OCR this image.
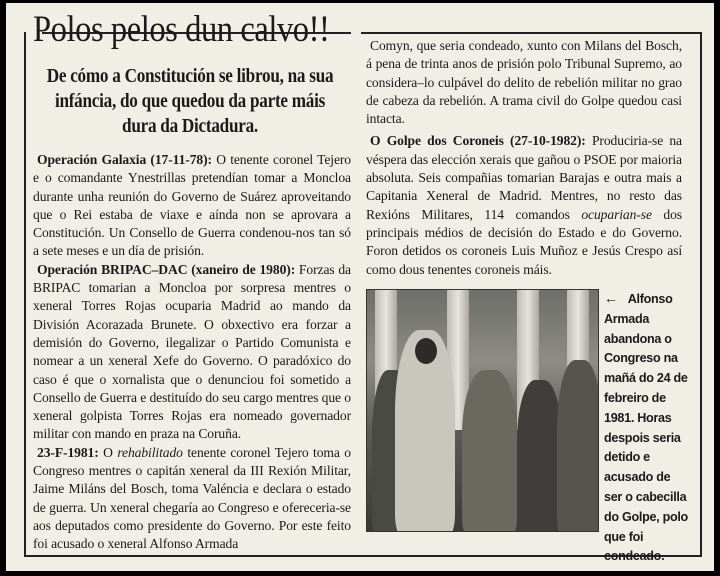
Polos pelos dun calvo!!
De cómo a Constitución se librou, na sua infáncia, do que quedou da parte máis dura da Dictadura.

Operación Galaxia (17-11-78): O tenente coronel Tejero e o comandante Ynestrillas pretendían tomar a Moncloa durante unha reunión do Governo de Suárez aproveitando que o Rei estaba de viaxe e aínda non se aprovara a Constitución. Un Consello de Guerra condenou-nos tan só a sete meses e un día de prisión.

Operación BRIPAC–DAC (xaneiro de 1980): Forzas da BRIPAC tomarian a Moncloa por sorpresa mentres o xeneral Torres Rojas ocuparia Madrid ao mando da División Acorazada Brunete. O obxectivo era forzar a demisión do Governo, ilegalizar o Partido Comunista e nomear a un xeneral Xefe do Governo. O paradóxico do caso é que o xornalista que o denunciou foi sometido a Consello de Guerra e destituído do seu cargo mentres que o xeneral golpista Torres Rojas era nomeado governador militar con mando en praza na Coruña.

23-F-1981: O rehabilitado tenente coronel Tejero toma o Congreso mentres o capitán xeneral da III Rexión Militar, Jaime Miláns del Bosch, toma Valéncia e declara o estado de guerra. Un xeneral chegaría ao Congreso e ofereceria-se aos deputados como presidente do Governo. Por este feito foi acusado o xeneral Alfonso Armada

Comyn, que seria condeado, xunto con Milans del Bosch, á pena de trinta anos de prisión polo Tribunal Supremo, ao considera–lo culpável do delito de rebelión militar no grao de cabeza da rebelión. A trama civil do Golpe quedou casi intacta.

O Golpe dos Coroneis (27-10-1982): Produciria-se na véspera das elección xerais que gañou o PSOE por maioria absoluta. Seis compañias tomarian Barajas e outra mais a Capitania Xeneral de Madrid. Mentres, no resto das Rexións Militares, 114 comandos ocuparian-se dos principais médios de decisión do Estado e do Governo. Foron detidos os coroneis Luis Muñoz e Jesús Crespo así como dous tenentes coroneis máis.

← Alfonso Armada abandona o Congreso na mañá do 24 de febreiro de 1981. Horas despois seria detido e acusado de ser o cabecilla do Golpe, polo que foi condeado.
